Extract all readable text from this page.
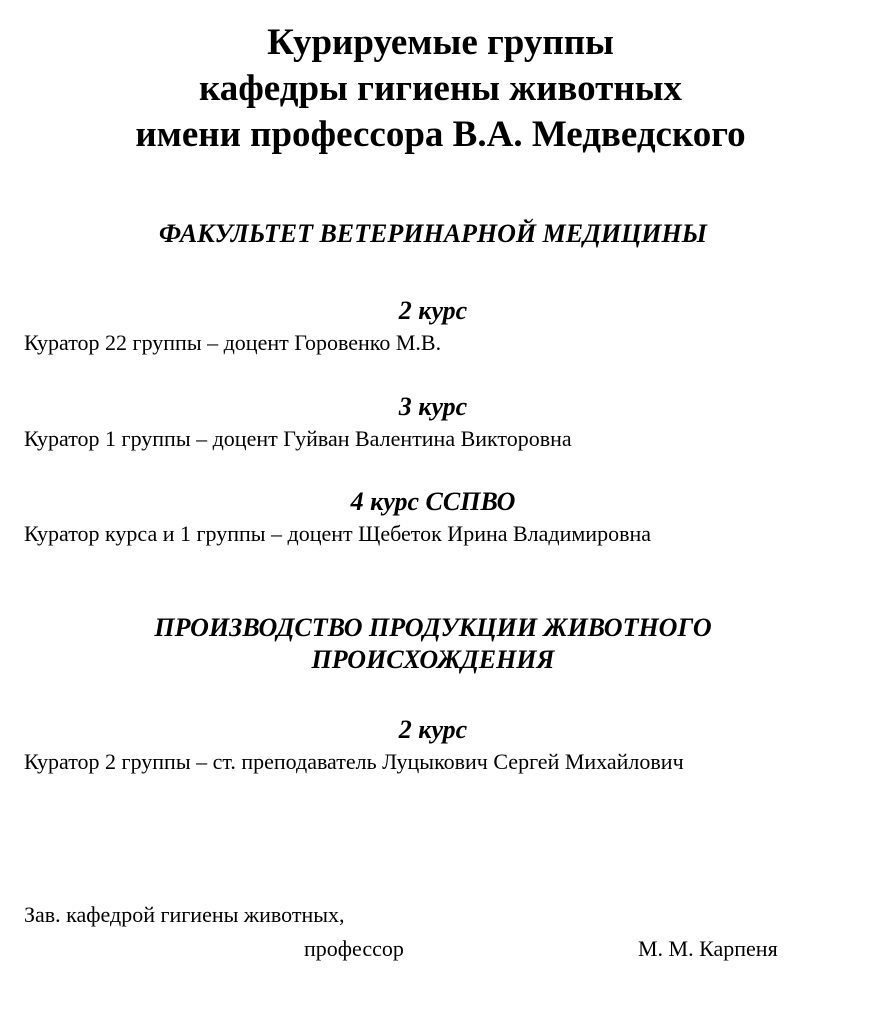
Курируемые группы
кафедры гигиены животных
имени профессора В.А. Медведского
ФАКУЛЬТЕТ ВЕТЕРИНАРНОЙ МЕДИЦИНЫ
2 курс
Куратор 22 группы – доцент Горовенко М.В.
3 курс
Куратор 1 группы – доцент Гуйван Валентина Викторовна
4 курс ССПВО
Куратор курса и 1 группы – доцент Щебеток Ирина Владимировна
ПРОИЗВОДСТВО ПРОДУКЦИИ ЖИВОТНОГО
ПРОИСХОЖДЕНИЯ
2 курс
Куратор 2 группы – ст. преподаватель Луцыкович Сергей Михайлович
Зав. кафедрой гигиены животных,
профессор	М. М. Карпеня
